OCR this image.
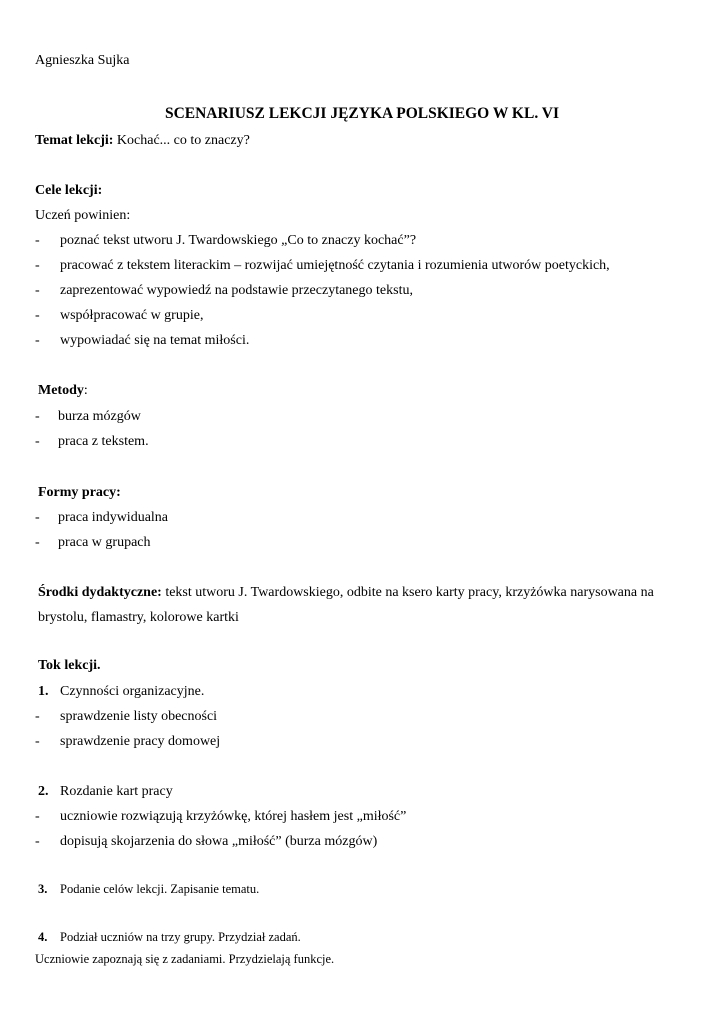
Agnieszka Sujka
SCENARIUSZ LEKCJI JĘZYKA POLSKIEGO W KL. VI
Temat lekcji: Kochać... co to znaczy?
Cele lekcji:
Uczeń powinien:
- poznać tekst utworu J. Twardowskiego „Co to znaczy kochać”?
- pracować z tekstem literackim – rozwijać umiejętność czytania i rozumienia utworów poetyckich,
- zaprezentować wypowiedź na podstawie przeczytanego tekstu,
- współpracować w grupie,
- wypowiadać się na temat miłości.
Metody:
- burza mózgów
- praca z tekstem.
Formy pracy:
- praca indywidualna
- praca w grupach
Środki dydaktyczne: tekst utworu J. Twardowskiego, odbite na ksero karty pracy, krzyżówka narysowana na
brystolu, flamastry, kolorowe kartki
Tok lekcji.
1. Czynności organizacyjne.
- sprawdzenie listy obecności
- sprawdzenie pracy domowej
2. Rozdanie kart pracy
- uczniowie rozwiązują krzyżówkę, której hasłem jest „miłość”
- dopisują skojarzenia do słowa „miłość” (burza mózgów)
3. Podanie celów lekcji. Zapisanie tematu.
4. Podział uczniów na trzy grupy. Przydział zadań.
Uczniowie zapoznają się z zadaniami. Przydzielają funkcje.
